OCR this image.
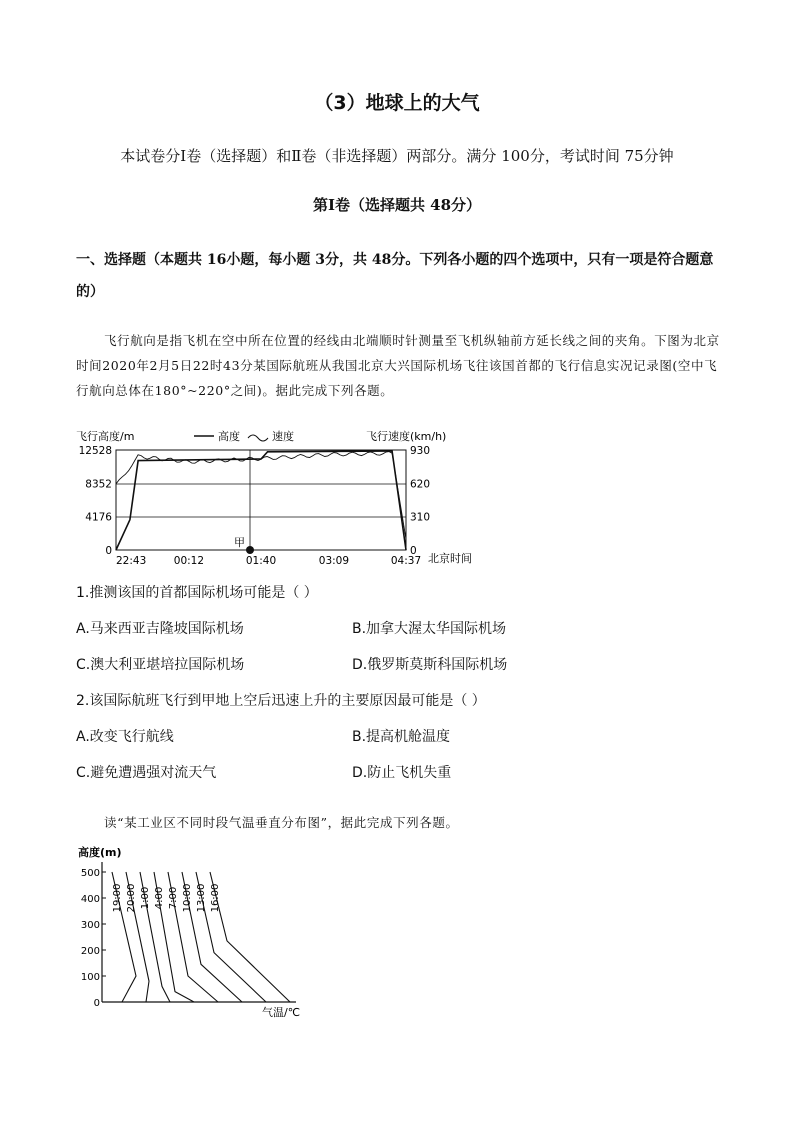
（3）地球上的大气
本试卷分Ⅰ卷（选择题）和Ⅱ卷（非选择题）两部分。满分 100分，考试时间 75分钟
第Ⅰ卷（选择题共 48分）
一、选择题（本题共 16小题，每小题 3分，共 48分。下列各小题的四个选项中，只有一项是符合题意的）
飞行航向是指飞机在空中所在位置的经线由北端顺时针测量至飞机纵轴前方延长线之间的夹角。下图为北京时间2020年2月5日22时43分某国际航班从我国北京大兴国际机场飞往该国首都的飞行信息实况记录图(空中飞行航向总体在180°~220°之间)。据此完成下列各题。
飞行高度/m	高度	速度	飞行速度(km/h)
12528
8352
4176
0
930
620
310
0
22:43	00:12	01:40	03:09	04:37
甲
北京时间
1.推测该国的首都国际机场可能是（ ）
A.马来西亚吉隆坡国际机场	B.加拿大渥太华国际机场
C.澳大利亚堪培拉国际机场	D.俄罗斯莫斯科国际机场
2.该国际航班飞行到甲地上空后迅速上升的主要原因最可能是（ ）
A.改变飞行航线	B.提高机舱温度
C.避免遭遇强对流天气	D.防止飞机失重
读“某工业区不同时段气温垂直分布图”，据此完成下列各题。
高度(m)
500
400
300
200
100
0
19:00 20:00 1:00 4:00 7:00 10:00 13:00 16:00
气温/℃
